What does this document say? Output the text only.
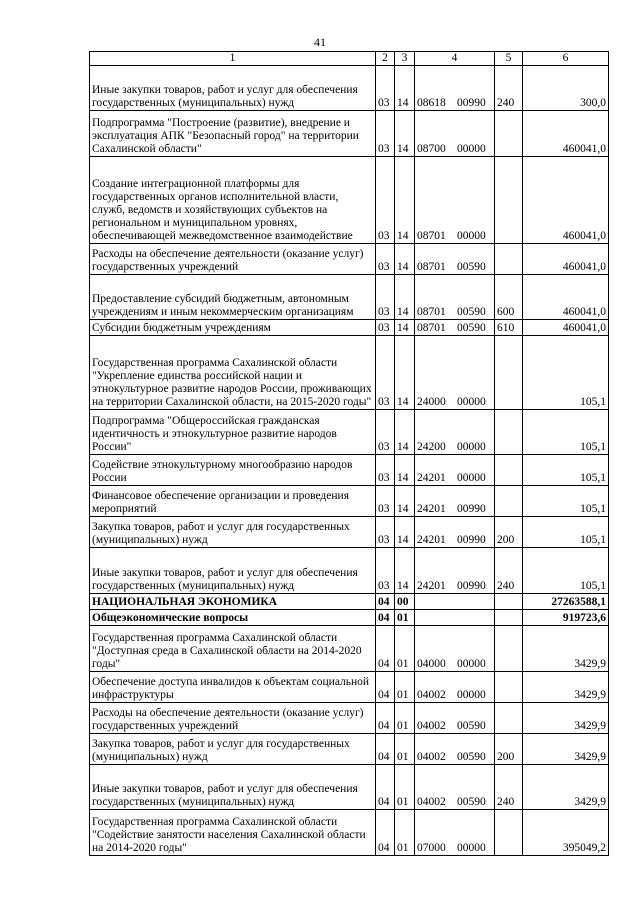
41
1	2	3	4	5	6
Иные закупки товаров, работ и услуг для обеспечения государственных (муниципальных) нужд	03	14	08618 00990	240	300,0
Подпрограмма "Построение (развитие), внедрение и эксплуатация АПК "Безопасный город" на территории Сахалинской области"	03	14	08700 00000		460041,0
Создание интеграционной платформы для государственных органов исполнительной власти, служб, ведомств и хозяйствующих субъектов на региональном и муниципальном уровнях, обеспечивающей межведомственное взаимодействие	03	14	08701 00000		460041,0
Расходы на обеспечение деятельности (оказание услуг) государственных учреждений	03	14	08701 00590		460041,0
Предоставление субсидий бюджетным, автономным учреждениям и иным некоммерческим организациям	03	14	08701 00590	600	460041,0
Субсидии бюджетным учреждениям	03	14	08701 00590	610	460041,0
Государственная программа Сахалинской области "Укрепление единства российской нации и этнокультурное развитие народов России, проживающих на территории Сахалинской области, на 2015-2020 годы"	03	14	24000 00000		105,1
Подпрограмма "Общероссийская гражданская идентичность и этнокультурное развитие народов России"	03	14	24200 00000		105,1
Содействие этнокультурному многообразию народов России	03	14	24201 00000		105,1
Финансовое обеспечение организации и проведения мероприятий	03	14	24201 00990		105,1
Закупка товаров, работ и услуг для государственных (муниципальных) нужд	03	14	24201 00990	200	105,1
Иные закупки товаров, работ и услуг для обеспечения государственных (муниципальных) нужд	03	14	24201 00990	240	105,1
НАЦИОНАЛЬНАЯ ЭКОНОМИКА	04	00			27263588,1
Общеэкономические вопросы	04	01			919723,6
Государственная программа Сахалинской области "Доступная среда в Сахалинской области на 2014-2020 годы"	04	01	04000 00000		3429,9
Обеспечение доступа инвалидов к объектам социальной инфраструктуры	04	01	04002 00000		3429,9
Расходы на обеспечение деятельности (оказание услуг) государственных учреждений	04	01	04002 00590		3429,9
Закупка товаров, работ и услуг для государственных (муниципальных) нужд	04	01	04002 00590	200	3429,9
Иные закупки товаров, работ и услуг для обеспечения государственных (муниципальных) нужд	04	01	04002 00590	240	3429,9
Государственная программа Сахалинской области "Содействие занятости населения Сахалинской области на 2014-2020 годы"	04	01	07000 00000		395049,2
